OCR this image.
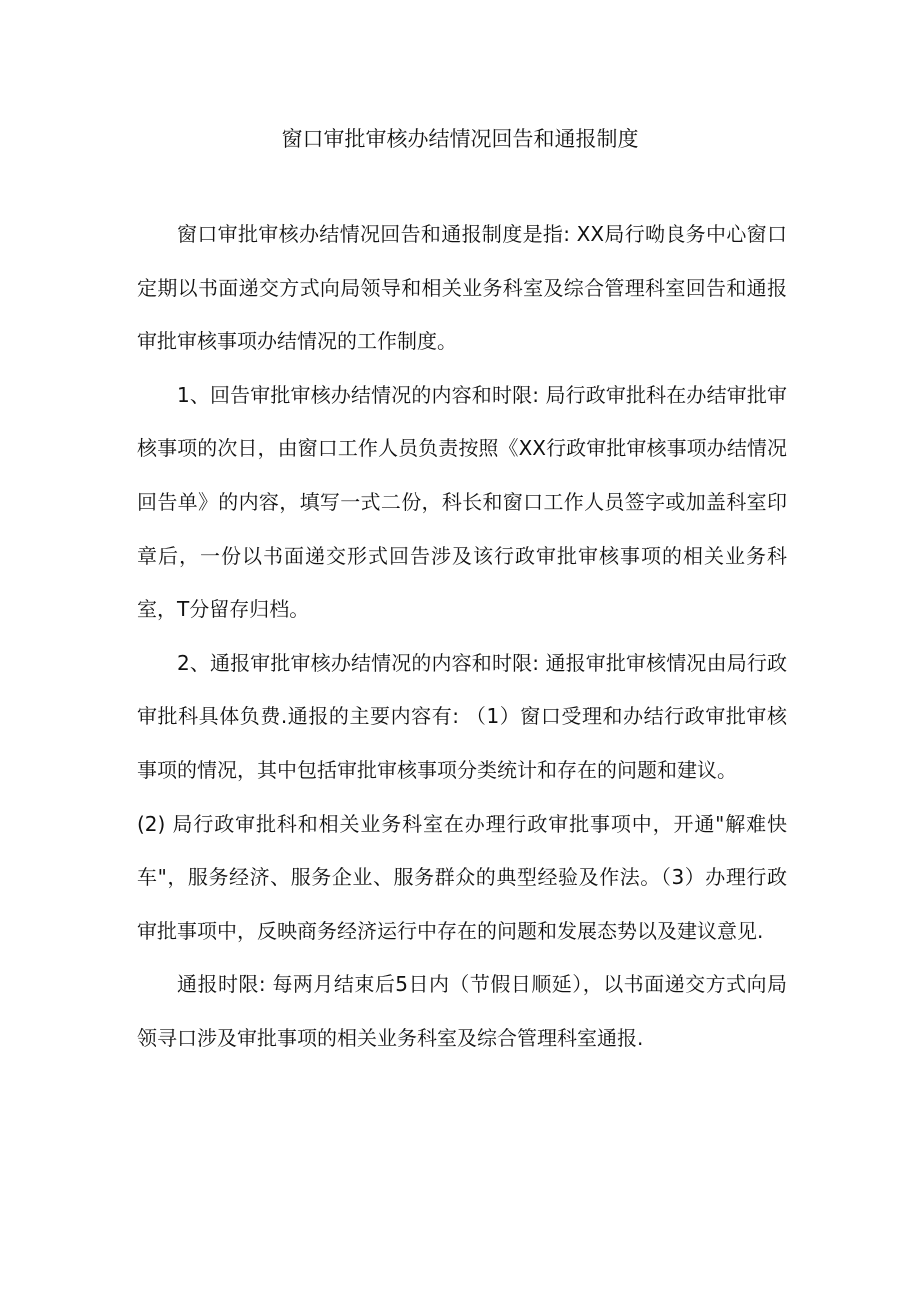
窗口审批审核办结情况回告和通报制度

窗口审批审核办结情况回告和通报制度是指: XX局行呦良务中心窗口定期以书面递交方式向局领导和相关业务科室及综合管理科室回告和通报审批审核事项办结情况的工作制度。

1、回告审批审核办结情况的内容和时限: 局行政审批科在办结审批审核事项的次日，由窗口工作人员负责按照《XX行政审批审核事项办结情况回告单》的内容，填写一式二份，科长和窗口工作人员签字或加盖科室印章后，一份以书面递交形式回告涉及该行政审批审核事项的相关业务科室，T分留存归档。

2、通报审批审核办结情况的内容和时限: 通报审批审核情况由局行政审批科具体负费.通报的主要内容有: （1）窗口受理和办结行政审批审核事项的情况，其中包括审批审核事项分类统计和存在的问题和建议。

(2) 局行政审批科和相关业务科室在办理行政审批事项中，开通"解难快车"，服务经济、服务企业、服务群众的典型经验及作法。（3）办理行政审批事项中，反映商务经济运行中存在的问题和发展态势以及建议意见.

通报时限: 每两月结束后5日内（节假日顺延），以书面递交方式向局领寻口涉及审批事项的相关业务科室及综合管理科室通报.
